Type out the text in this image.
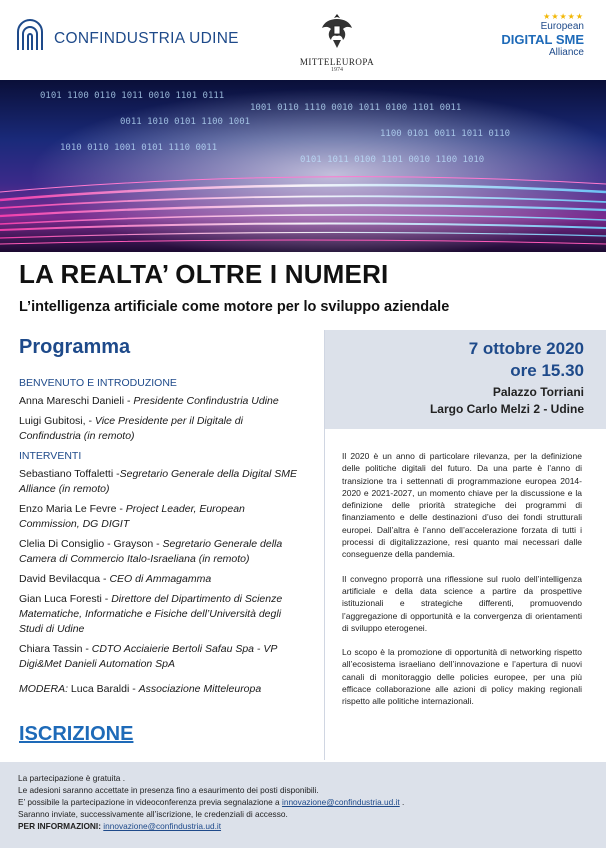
CONFINDUSTRIA UDINE
MITTELEUROPA
1974
★★★★★
European
DIGITAL SME
Alliance
0101 1100 0110 1011 0010 1101 0111
1001 0110 1110 0010 1011 0100 1101 0011
0011 1010 0101 1100 1001
1100 0101 0011 1011 0110
1010 0110 1001 0101 1110 0011
0101 1011 0100 1101 0010 1100 1010
LA REALTA’ OLTRE I NUMERI
L’intelligenza artificiale come motore per lo sviluppo aziendale
Programma
BENVENUTO E INTRODUZIONE
Anna Mareschi Danieli - Presidente Confindustria Udine
Luigi Gubitosi, - Vice Presidente per il Digitale di Confindustria (in remoto)
INTERVENTI
Sebastiano Toffaletti -Segretario Generale della Digital SME Alliance (in remoto)
Enzo Maria Le Fevre - Project Leader, European Commission, DG DIGIT
Clelia Di Consiglio - Grayson - Segretario Generale della Camera di Commercio Italo-Israeliana (in remoto)
David Bevilacqua - CEO di Ammagamma
Gian Luca Foresti - Direttore del Dipartimento di Scienze Matematiche, Informatiche e Fisiche dell’Università degli Studi di Udine
Chiara Tassin - CDTO Acciaierie Bertoli Safau Spa - VP Digi&Met Danieli Automation SpA
MODERA: Luca Baraldi - Associazione Mitteleuropa
ISCRIZIONE
7 ottobre 2020
ore 15.30
Palazzo Torriani
Largo Carlo Melzi 2 - Udine

Il 2020 è un anno di particolare rilevanza, per la definizione delle politiche digitali del futuro. Da una parte è l’anno di transizione tra i settennati di programmazione europea 2014-2020 e 2021-2027, un momento chiave per la discussione e la definizione delle priorità strategiche dei programmi di finanziamento e delle destinazioni d’uso dei fondi strutturali europei. Dall’altra è l’anno dell’accelerazione forzata di tutti i processi di digitalizzazione, resi quanto mai necessari dalle conseguenze della pandemia.

Il convegno proporrà una riflessione sul ruolo dell’intelligenza artificiale e della data science a partire da prospettive istituzionali e strategiche differenti, promuovendo l’aggregazione di opportunità e la convergenza di orientamenti di sviluppo eterogenei.

Lo scopo è la promozione di opportunità di networking rispetto all’ecosistema israeliano dell’innovazione e l’apertura di nuovi canali di monitoraggio delle policies europee, per una più efficace collaborazione alle azioni di policy making regionali rispetto alle politiche internazionali.

La partecipazione è gratuita .
Le adesioni saranno accettate in presenza fino a esaurimento dei posti disponibili.
E’ possibile la partecipazione in videoconferenza previa segnalazione a innovazione@confindustria.ud.it .
Saranno inviate, successivamente all’iscrizione, le credenziali di accesso.
PER INFORMAZIONI: innovazione@confindustria.ud.it
